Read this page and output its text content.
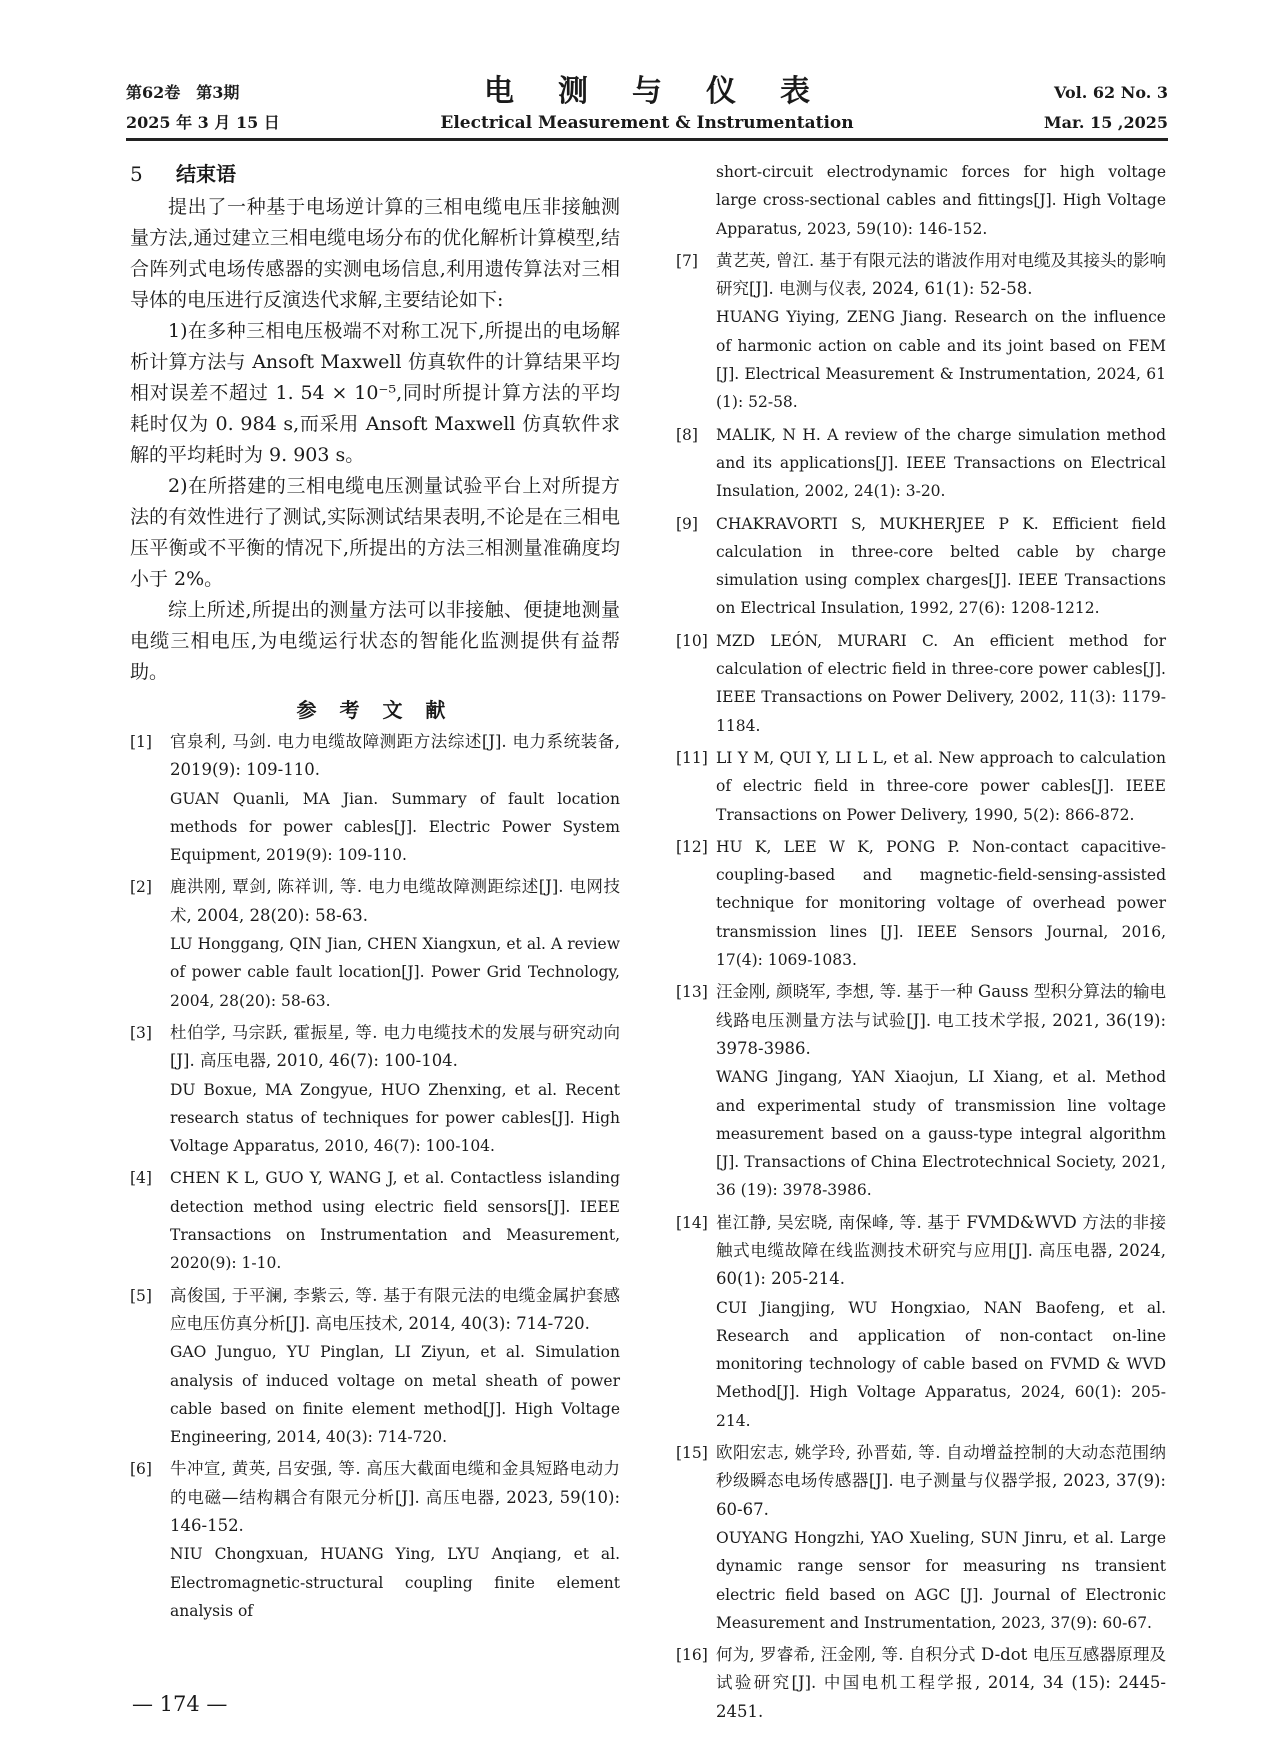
第62卷　第3期
2025 年 3 月 15 日
电测与仪表
Electrical Measurement & Instrumentation
Vol. 62 No. 3
Mar. 15 ,2025
5 结束语

提出了一种基于电场逆计算的三相电缆电压非接触测量方法,通过建立三相电缆电场分布的优化解析计算模型,结合阵列式电场传感器的实测电场信息,利用遗传算法对三相导体的电压进行反演迭代求解,主要结论如下:

1)在多种三相电压极端不对称工况下,所提出的电场解析计算方法与 Ansoft Maxwell 仿真软件的计算结果平均相对误差不超过 1. 54 × 10⁻⁵,同时所提计算方法的平均耗时仅为 0. 984 s,而采用 Ansoft Maxwell 仿真软件求解的平均耗时为 9. 903 s。

2)在所搭建的三相电缆电压测量试验平台上对所提方法的有效性进行了测试,实际测试结果表明,不论是在三相电压平衡或不平衡的情况下,所提出的方法三相测量准确度均小于 2%。

综上所述,所提出的测量方法可以非接触、便捷地测量电缆三相电压,为电缆运行状态的智能化监测提供有益帮助。

参 考 文 献
[1]	官泉利, 马剑. 电力电缆故障测距方法综述[J]. 电力系统装备, 2019(9): 109-110.
GUAN Quanli, MA Jian. Summary of fault location methods for power cables[J]. Electric Power System Equipment, 2019(9): 109-110.
[2]	鹿洪刚, 覃剑, 陈祥训, 等. 电力电缆故障测距综述[J]. 电网技术, 2004, 28(20): 58-63.
LU Honggang, QIN Jian, CHEN Xiangxun, et al. A review of power cable fault location[J]. Power Grid Technology, 2004, 28(20): 58-63.
[3]	杜伯学, 马宗跃, 霍振星, 等. 电力电缆技术的发展与研究动向[J]. 高压电器, 2010, 46(7): 100-104.
DU Boxue, MA Zongyue, HUO Zhenxing, et al. Recent research status of techniques for power cables[J]. High Voltage Apparatus, 2010, 46(7): 100-104.
[4]	CHEN K L, GUO Y, WANG J, et al. Contactless islanding detection method using electric field sensors[J]. IEEE Transactions on Instrumentation and Measurement, 2020(9): 1-10.
[5]	高俊国, 于平澜, 李紫云, 等. 基于有限元法的电缆金属护套感应电压仿真分析[J]. 高电压技术, 2014, 40(3): 714-720.
GAO Junguo, YU Pinglan, LI Ziyun, et al. Simulation analysis of induced voltage on metal sheath of power cable based on finite element method[J]. High Voltage Engineering, 2014, 40(3): 714-720.
[6]	牛冲宣, 黄英, 吕安强, 等. 高压大截面电缆和金具短路电动力的电磁—结构耦合有限元分析[J]. 高压电器, 2023, 59(10): 146-152.
NIU Chongxuan, HUANG Ying, LYU Anqiang, et al. Electromagnetic-structural coupling finite element analysis of
short-circuit electrodynamic forces for high voltage large cross-sectional cables and fittings[J]. High Voltage Apparatus, 2023, 59(10): 146-152.
[7]	黄艺英, 曾江. 基于有限元法的谐波作用对电缆及其接头的影响研究[J]. 电测与仪表, 2024, 61(1): 52-58.
HUANG Yiying, ZENG Jiang. Research on the influence of harmonic action on cable and its joint based on FEM [J]. Electrical Measurement & Instrumentation, 2024, 61 (1): 52-58.
[8]	MALIK, N H. A review of the charge simulation method and its applications[J]. IEEE Transactions on Electrical Insulation, 2002, 24(1): 3-20.
[9]	CHAKRAVORTI S, MUKHERJEE P K. Efficient field calculation in three-core belted cable by charge simulation using complex charges[J]. IEEE Transactions on Electrical Insulation, 1992, 27(6): 1208-1212.
[10] MZD LEÓN, MURARI C. An efficient method for calculation of electric field in three-core power cables[J]. IEEE Transactions on Power Delivery, 2002, 11(3): 1179-1184.
[11] LI Y M, QUI Y, LI L L, et al. New approach to calculation of electric field in three-core power cables[J]. IEEE Transactions on Power Delivery, 1990, 5(2): 866-872.
[12] HU K, LEE W K, PONG P. Non-contact capacitive-coupling-based and magnetic-field-sensing-assisted technique for monitoring voltage of overhead power transmission lines [J]. IEEE Sensors Journal, 2016, 17(4): 1069-1083.
[13] 汪金刚, 颜晓军, 李想, 等. 基于一种 Gauss 型积分算法的输电线路电压测量方法与试验[J]. 电工技术学报, 2021, 36(19): 3978-3986.
WANG Jingang, YAN Xiaojun, LI Xiang, et al. Method and experimental study of transmission line voltage measurement based on a gauss-type integral algorithm [J]. Transactions of China Electrotechnical Society, 2021, 36 (19): 3978-3986.
[14] 崔江静, 吴宏晓, 南保峰, 等. 基于 FVMD&WVD 方法的非接触式电缆故障在线监测技术研究与应用[J]. 高压电器, 2024, 60(1): 205-214.
CUI Jiangjing, WU Hongxiao, NAN Baofeng, et al. Research and application of non-contact on-line monitoring technology of cable based on FVMD & WVD Method[J]. High Voltage Apparatus, 2024, 60(1): 205-214.
[15] 欧阳宏志, 姚学玲, 孙晋茹, 等. 自动增益控制的大动态范围纳秒级瞬态电场传感器[J]. 电子测量与仪器学报, 2023, 37(9): 60-67.
OUYANG Hongzhi, YAO Xueling, SUN Jinru, et al. Large dynamic range sensor for measuring ns transient electric field based on AGC [J]. Journal of Electronic Measurement and Instrumentation, 2023, 37(9): 60-67.
[16] 何为, 罗睿希, 汪金刚, 等. 自积分式 D-dot 电压互感器原理及试验研究[J]. 中国电机工程学报, 2014, 34 (15): 2445-2451.
— 174 —
